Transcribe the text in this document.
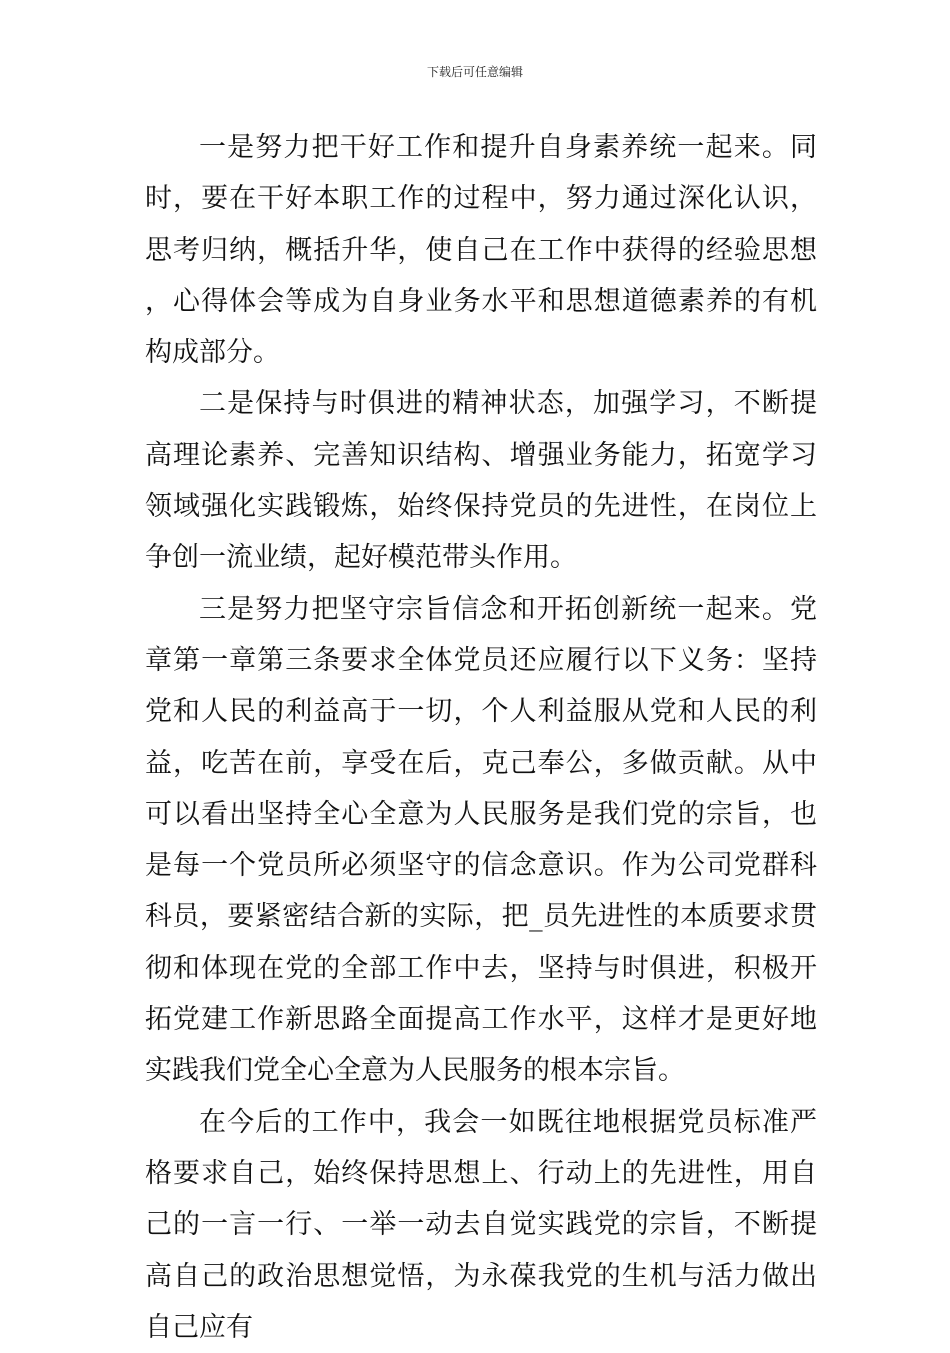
下载后可任意编辑

一是努力把干好工作和提升自身素养统一起来。同时，要在干好本职工作的过程中，努力通过深化认识，思考归纳，概括升华，使自己在工作中获得的经验思想，心得体会等成为自身业务水平和思想道德素养的有机构成部分。

二是保持与时俱进的精神状态，加强学习，不断提高理论素养、完善知识结构、增强业务能力，拓宽学习领域强化实践锻炼，始终保持党员的先进性，在岗位上争创一流业绩，起好模范带头作用。

三是努力把坚守宗旨信念和开拓创新统一起来。党章第一章第三条要求全体党员还应履行以下义务：坚持党和人民的利益高于一切，个人利益服从党和人民的利益，吃苦在前，享受在后，克己奉公，多做贡献。从中可以看出坚持全心全意为人民服务是我们党的宗旨，也是每一个党员所必须坚守的信念意识。作为公司党群科科员，要紧密结合新的实际，把_员先进性的本质要求贯彻和体现在党的全部工作中去，坚持与时俱进，积极开拓党建工作新思路全面提高工作水平，这样才是更好地实践我们党全心全意为人民服务的根本宗旨。

在今后的工作中，我会一如既往地根据党员标准严格要求自己，始终保持思想上、行动上的先进性，用自己的一言一行、一举一动去自觉实践党的宗旨，不断提高自己的政治思想觉悟，为永葆我党的生机与活力做出自己应有
